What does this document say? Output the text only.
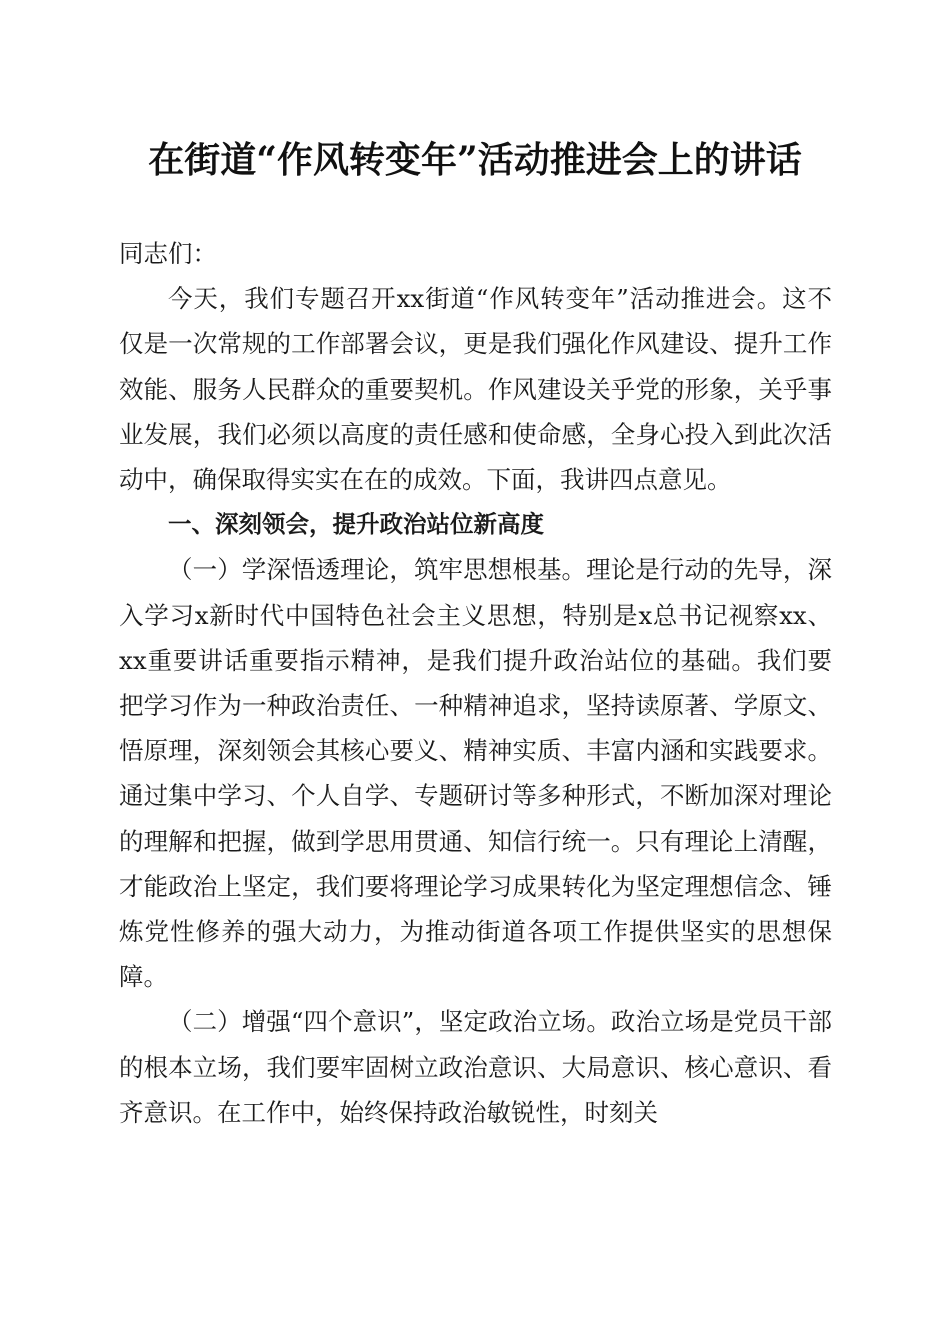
在街道“作风转变年”活动推进会上的讲话

同志们：

今天，我们专题召开xx街道“作风转变年”活动推进会。这不仅是一次常规的工作部署会议，更是我们强化作风建设、提升工作效能、服务人民群众的重要契机。作风建设关乎党的形象，关乎事业发展，我们必须以高度的责任感和使命感，全身心投入到此次活动中，确保取得实实在在的成效。下面，我讲四点意见。

一、深刻领会，提升政治站位新高度

（一）学深悟透理论，筑牢思想根基。理论是行动的先导，深入学习x新时代中国特色社会主义思想，特别是x总书记视察xx、xx重要讲话重要指示精神，是我们提升政治站位的基础。我们要把学习作为一种政治责任、一种精神追求，坚持读原著、学原文、悟原理，深刻领会其核心要义、精神实质、丰富内涵和实践要求。通过集中学习、个人自学、专题研讨等多种形式，不断加深对理论的理解和把握，做到学思用贯通、知信行统一。只有理论上清醒，才能政治上坚定，我们要将理论学习成果转化为坚定理想信念、锤炼党性修养的强大动力，为推动街道各项工作提供坚实的思想保障。

（二）增强“四个意识”，坚定政治立场。政治立场是党员干部的根本立场，我们要牢固树立政治意识、大局意识、核心意识、看齐意识。在工作中，始终保持政治敏锐性，时刻关
